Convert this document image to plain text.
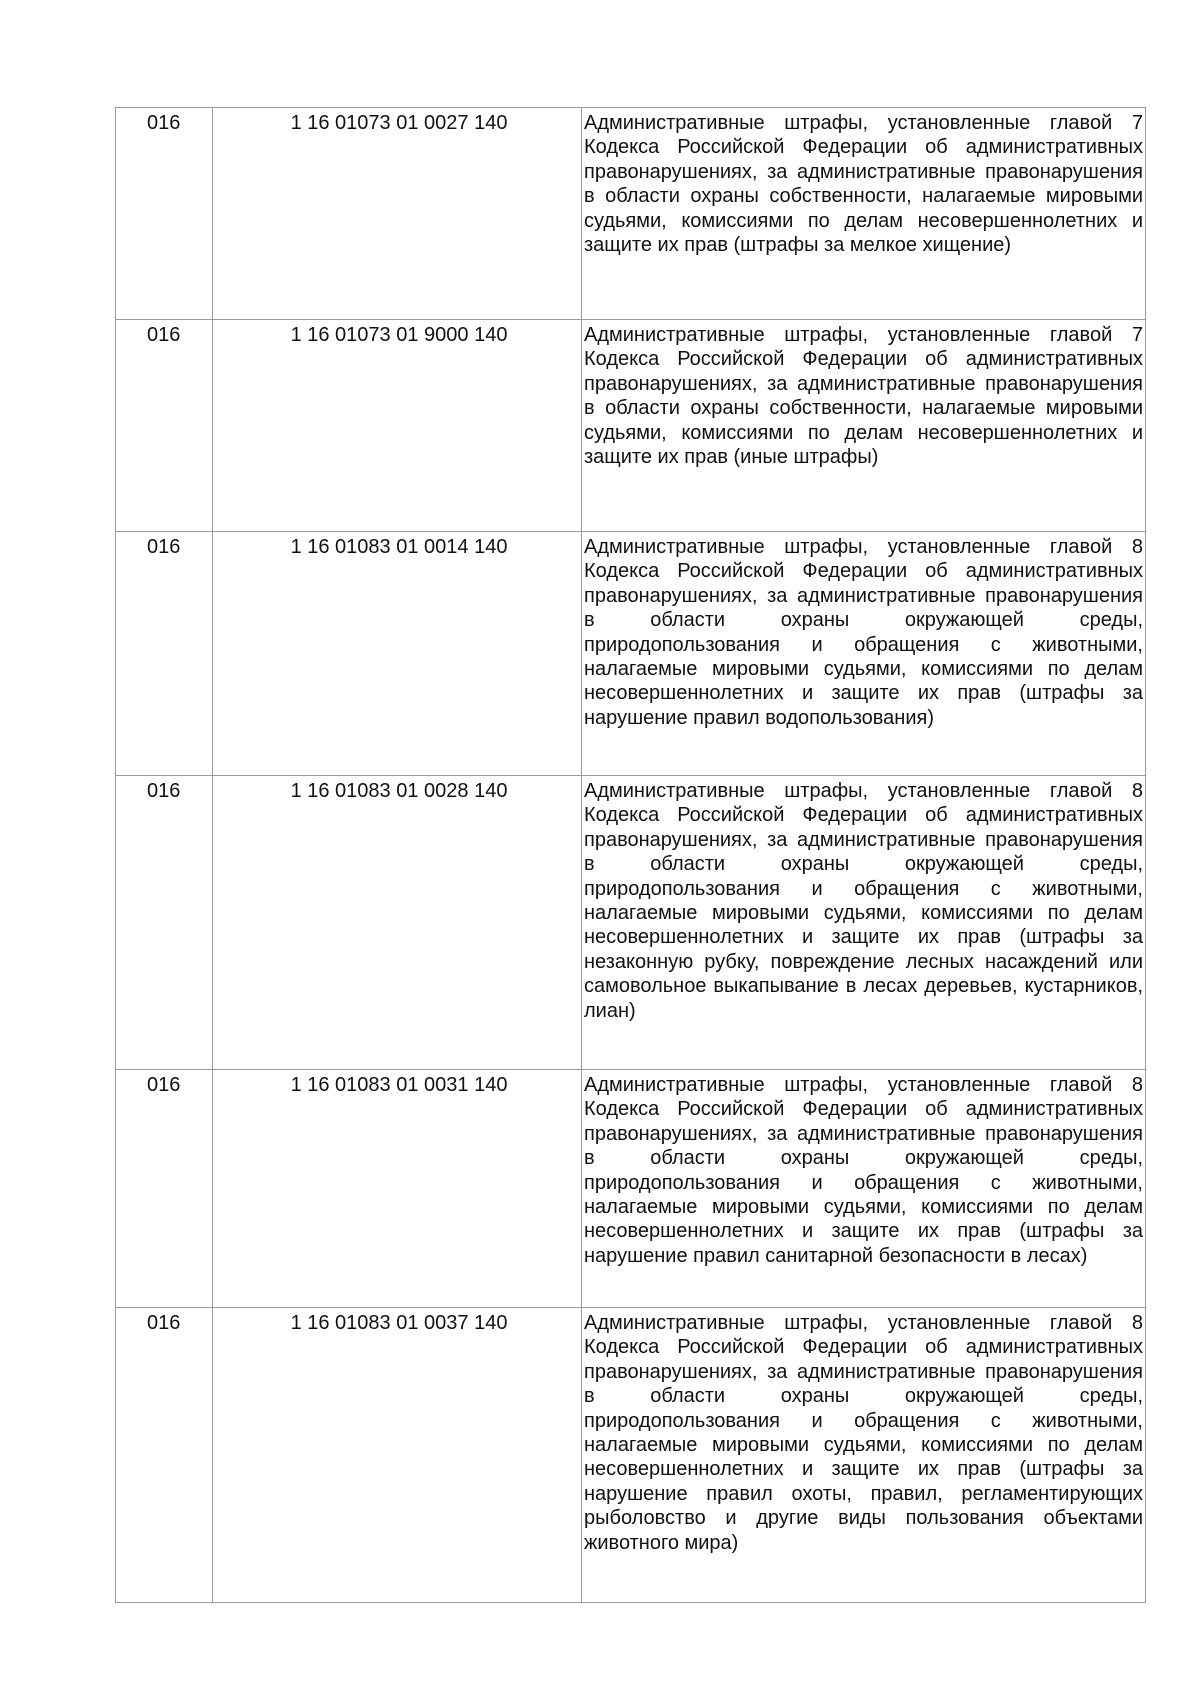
016	1 16 01073 01 0027 140	Административные штрафы, установленные главой 7 Кодекса Российской Федерации об административных правонарушениях, за административные правонарушения в области охраны собственности, налагаемые мировыми судьями, комиссиями по делам несовершеннолетних и защите их прав (штрафы за мелкое хищение)
016	1 16 01073 01 9000 140	Административные штрафы, установленные главой 7 Кодекса Российской Федерации об административных правонарушениях, за административные правонарушения в области охраны собственности, налагаемые мировыми судьями, комиссиями по делам несовершеннолетних и защите их прав (иные штрафы)
016	1 16 01083 01 0014 140	Административные штрафы, установленные главой 8 Кодекса Российской Федерации об административных правонарушениях, за административные правонарушения в области охраны окружающей среды, природопользования и обращения с животными, налагаемые мировыми судьями, комиссиями по делам несовершеннолетних и защите их прав (штрафы за нарушение правил водопользования)
016	1 16 01083 01 0028 140	Административные штрафы, установленные главой 8 Кодекса Российской Федерации об административных правонарушениях, за административные правонарушения в области охраны окружающей среды, природопользования и обращения с животными, налагаемые мировыми судьями, комиссиями по делам несовершеннолетних и защите их прав (штрафы за незаконную рубку, повреждение лесных насаждений или самовольное выкапывание в лесах деревьев, кустарников, лиан)
016	1 16 01083 01 0031 140	Административные штрафы, установленные главой 8 Кодекса Российской Федерации об административных правонарушениях, за административные правонарушения в области охраны окружающей среды, природопользования и обращения с животными, налагаемые мировыми судьями, комиссиями по делам несовершеннолетних и защите их прав (штрафы за нарушение правил санитарной безопасности в лесах)
016	1 16 01083 01 0037 140	Административные штрафы, установленные главой 8 Кодекса Российской Федерации об административных правонарушениях, за административные правонарушения в области охраны окружающей среды, природопользования и обращения с животными, налагаемые мировыми судьями, комиссиями по делам несовершеннолетних и защите их прав (штрафы за нарушение правил охоты, правил, регламентирующих рыболовство и другие виды пользования объектами животного мира)
